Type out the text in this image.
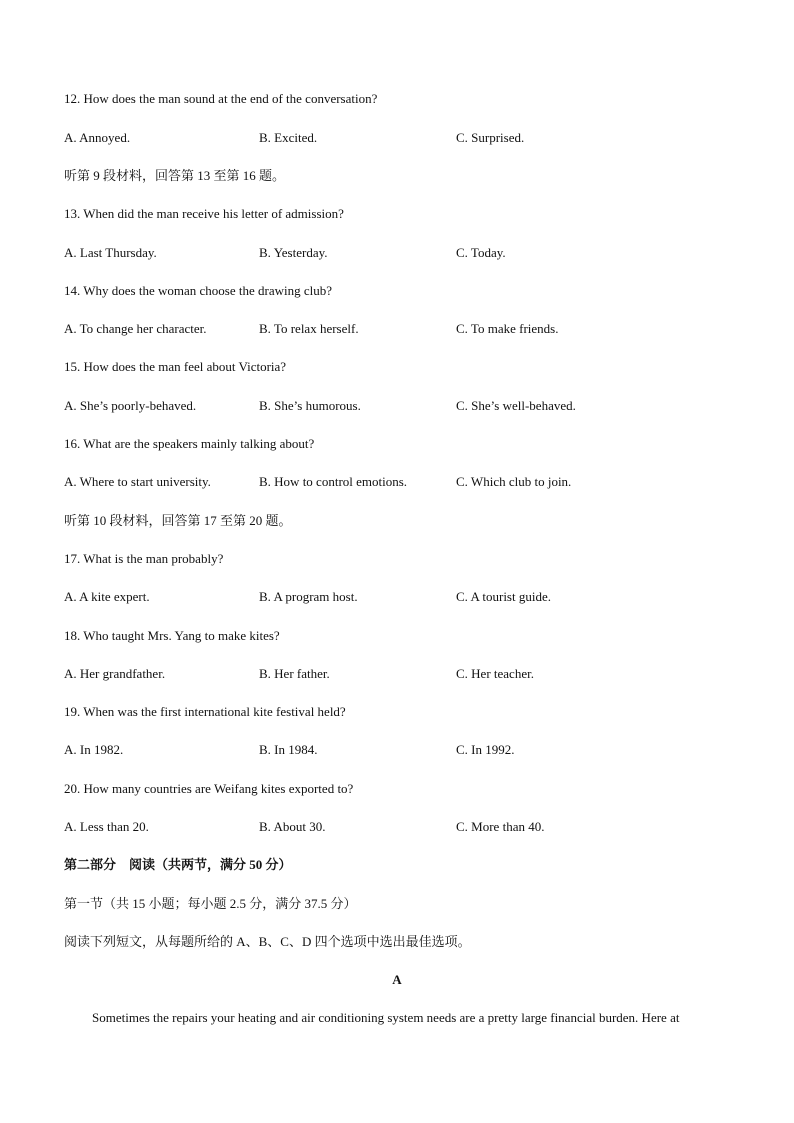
12. How does the man sound at the end of the conversation?
A. Annoyed.	B. Excited.	C. Surprised.
听第 9 段材料，回答第 13 至第 16 题。
13. When did the man receive his letter of admission?
A. Last Thursday.	B. Yesterday.	C. Today.
14. Why does the woman choose the drawing club?
A. To change her character.	B. To relax herself.	C. To make friends.
15. How does the man feel about Victoria?
A. She’s poorly-behaved.	B. She’s humorous.	C. She’s well-behaved.
16. What are the speakers mainly talking about?
A. Where to start university.	B. How to control emotions.	C. Which club to join.
听第 10 段材料，回答第 17 至第 20 题。
17. What is the man probably?
A. A kite expert.	B. A program host.	C. A tourist guide.
18. Who taught Mrs. Yang to make kites?
A. Her grandfather.	B. Her father.	C. Her teacher.
19. When was the first international kite festival held?
A. In 1982.	B. In 1984.	C. In 1992.
20. How many countries are Weifang kites exported to?
A. Less than 20.	B. About 30.	C. More than 40.
第二部分    阅读（共两节，满分 50 分）
第一节（共 15 小题；每小题 2.5 分，满分 37.5 分）
阅读下列短文，从每题所给的 A、B、C、D 四个选项中选出最佳选项。
A
Sometimes the repairs your heating and air conditioning system needs are a pretty large financial burden. Here at
